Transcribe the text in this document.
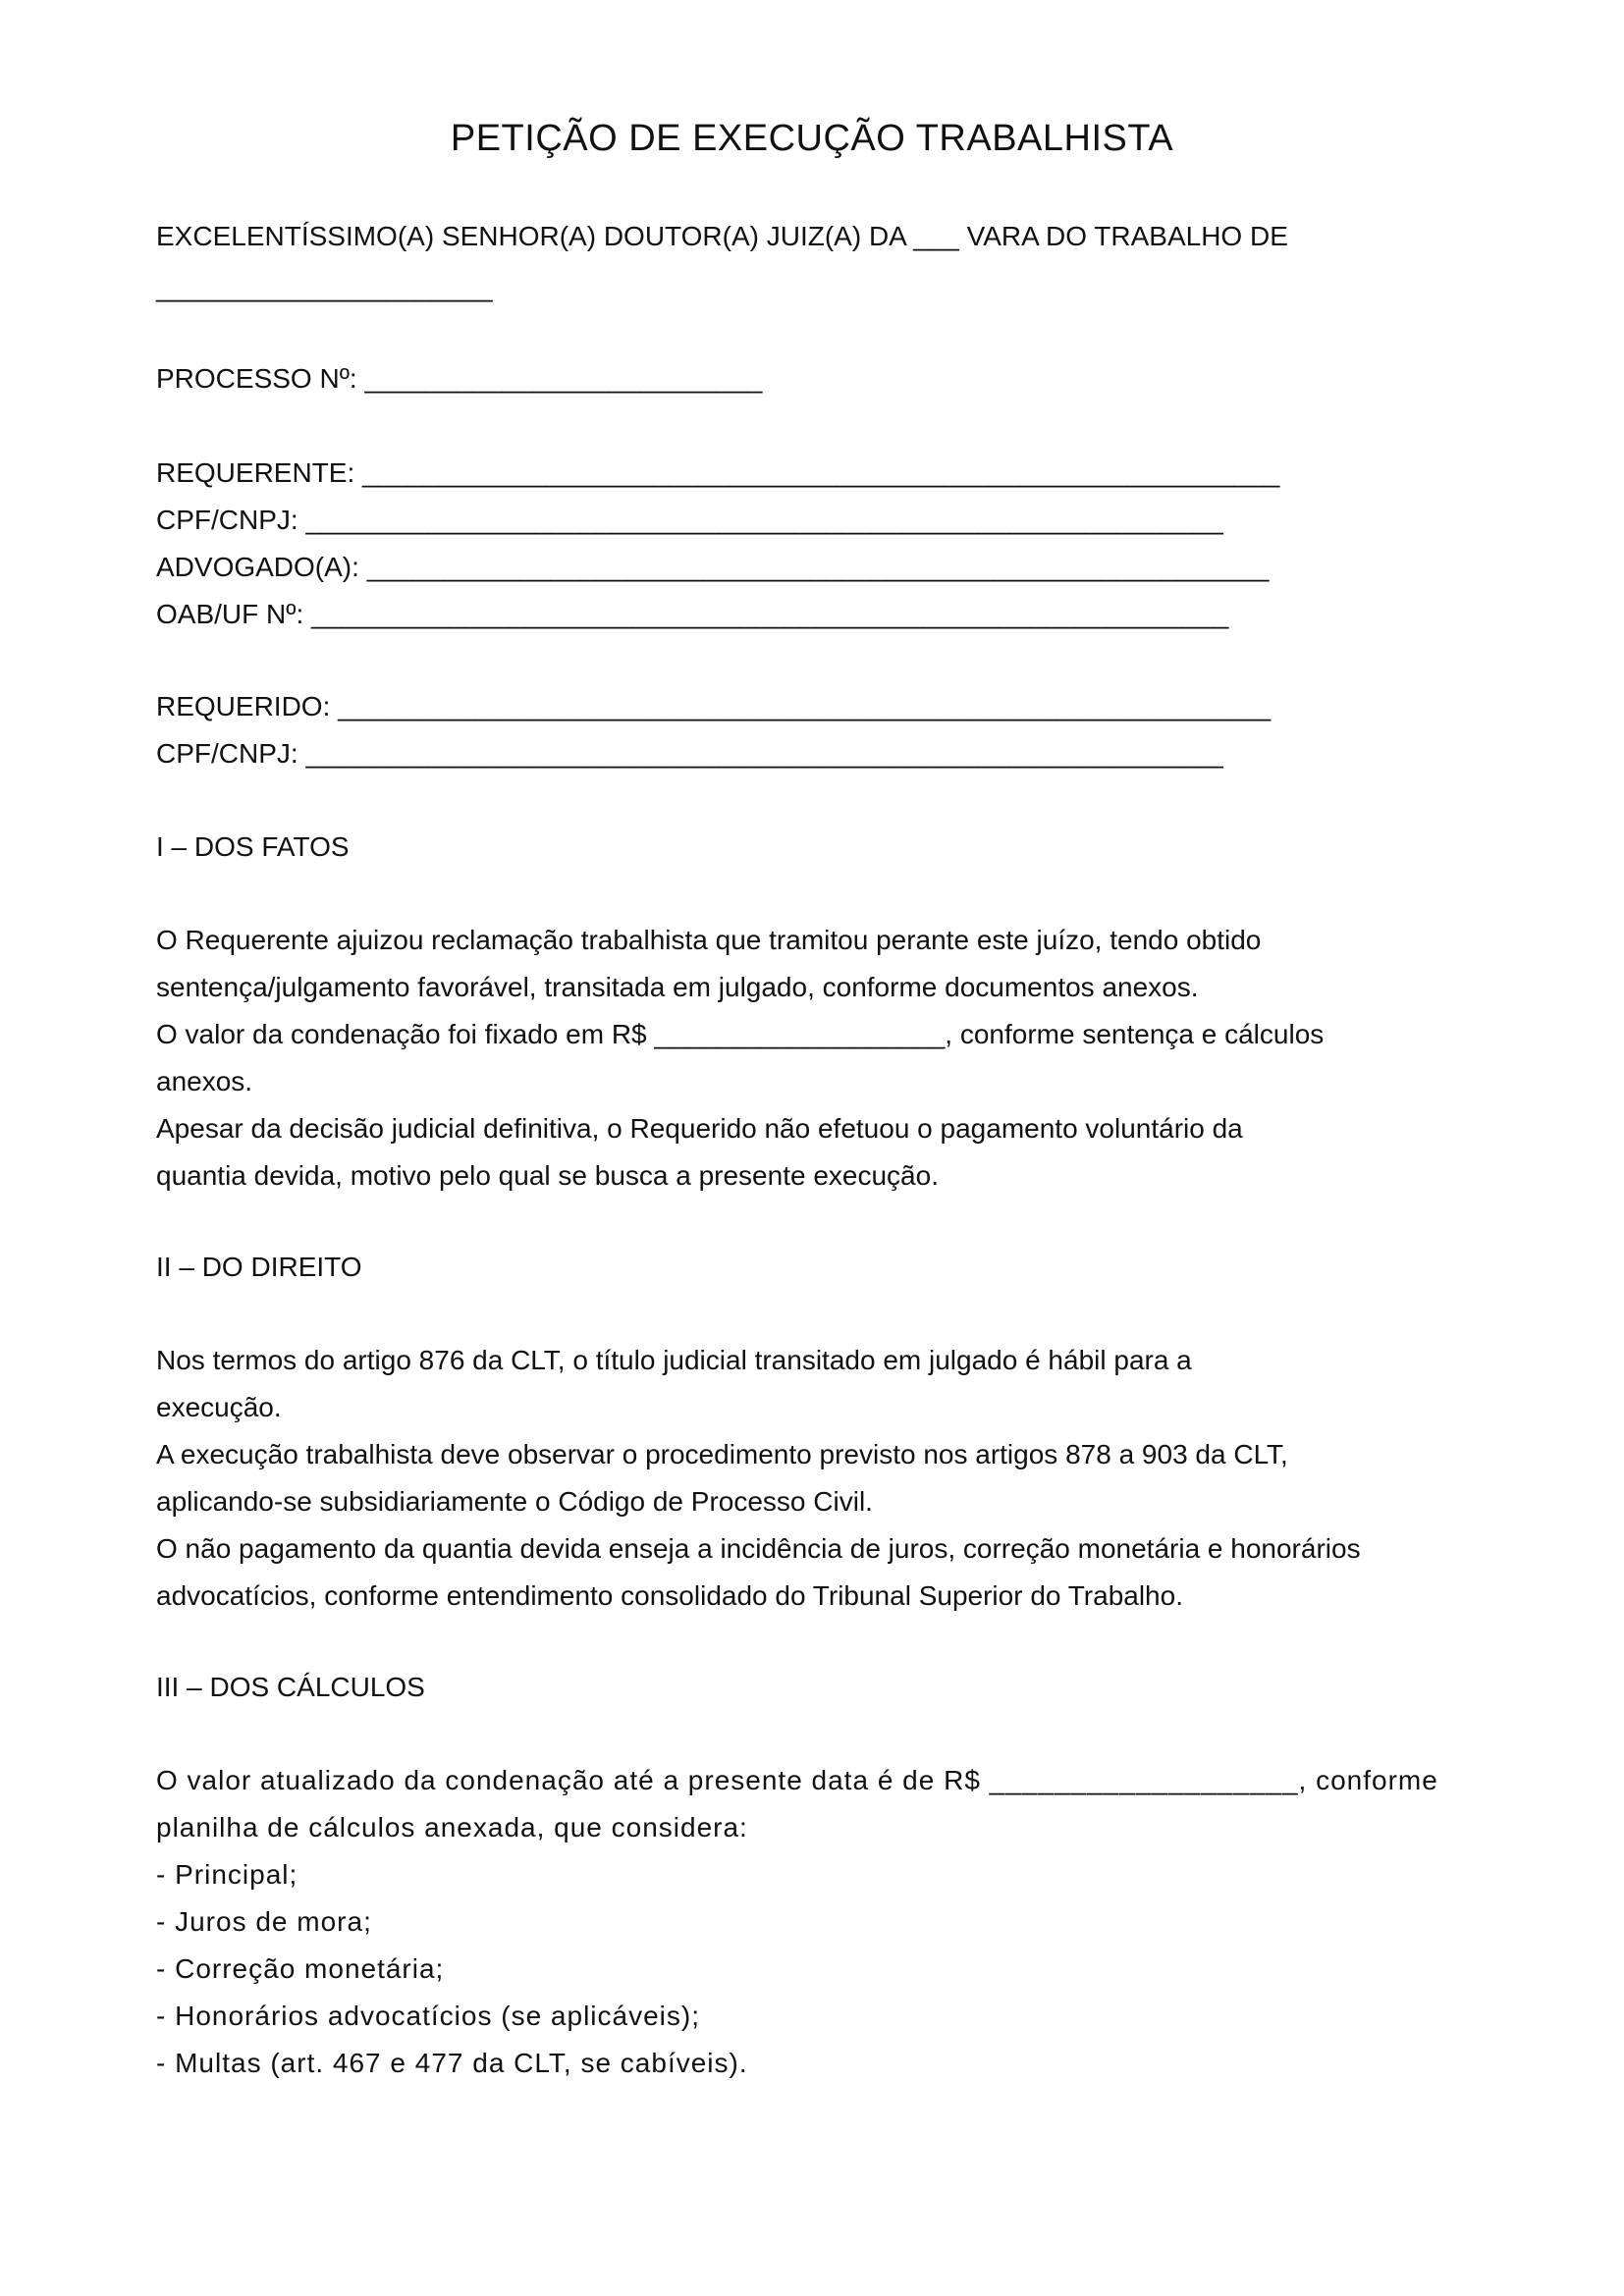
PETIÇÃO DE EXECUÇÃO TRABALHISTA
EXCELENTÍSSIMO(A) SENHOR(A) DOUTOR(A) JUIZ(A) DA ___ VARA DO TRABALHO DE
______________________
PROCESSO Nº: __________________________
REQUERENTE: ____________________________________________________________
CPF/CNPJ: ____________________________________________________________
ADVOGADO(A): ___________________________________________________________
OAB/UF Nº: ____________________________________________________________
REQUERIDO: _____________________________________________________________
CPF/CNPJ: ____________________________________________________________
I – DOS FATOS
O Requerente ajuizou reclamação trabalhista que tramitou perante este juízo, tendo obtido
sentença/julgamento favorável, transitada em julgado, conforme documentos anexos.
O valor da condenação foi fixado em R$ ___________________, conforme sentença e cálculos
anexos.
Apesar da decisão judicial definitiva, o Requerido não efetuou o pagamento voluntário da
quantia devida, motivo pelo qual se busca a presente execução.
II – DO DIREITO
Nos termos do artigo 876 da CLT, o título judicial transitado em julgado é hábil para a
execução.
A execução trabalhista deve observar o procedimento previsto nos artigos 878 a 903 da CLT,
aplicando-se subsidiariamente o Código de Processo Civil.
O não pagamento da quantia devida enseja a incidência de juros, correção monetária e honorários
advocatícios, conforme entendimento consolidado do Tribunal Superior do Trabalho.
III – DOS CÁLCULOS
O valor atualizado da condenação até a presente data é de R$ ___________________, conforme
planilha de cálculos anexada, que considera:
- Principal;
- Juros de mora;
- Correção monetária;
- Honorários advocatícios (se aplicáveis);
- Multas (art. 467 e 477 da CLT, se cabíveis).
